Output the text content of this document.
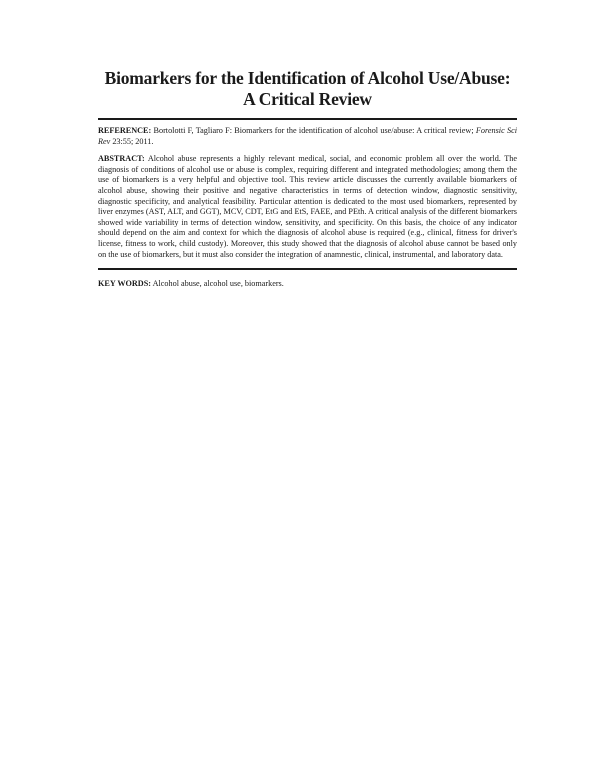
Biomarkers for the Identification of Alcohol Use/Abuse:
A Critical Review

REFERENCE: Bortolotti F, Tagliaro F: Biomarkers for the identification of alcohol use/abuse: A critical review; Forensic Sci Rev 23:55; 2011.

ABSTRACT: Alcohol abuse represents a highly relevant medical, social, and economic problem all over the world. The diagnosis of conditions of alcohol use or abuse is complex, requiring different and integrated methodologies; among them the use of biomarkers is a very helpful and objective tool. This review article discusses the currently available biomarkers of alcohol abuse, showing their positive and negative characteristics in terms of detection window, diagnostic sensitivity, diagnostic specificity, and analytical feasibility. Particular attention is dedicated to the most used biomarkers, represented by liver enzymes (AST, ALT, and GGT), MCV, CDT, EtG and EtS, FAEE, and PEth. A critical analysis of the different biomarkers showed wide variability in terms of detection window, sensitivity, and specificity. On this basis, the choice of any indicator should depend on the aim and context for which the diagnosis of alcohol abuse is required (e.g., clinical, fitness for driver's license, fitness to work, child custody). Moreover, this study showed that the diagnosis of alcohol abuse cannot be based only on the use of biomarkers, but it must also consider the integration of anamnestic, clinical, instrumental, and laboratory data.

KEY WORDS: Alcohol abuse, alcohol use, biomarkers.
